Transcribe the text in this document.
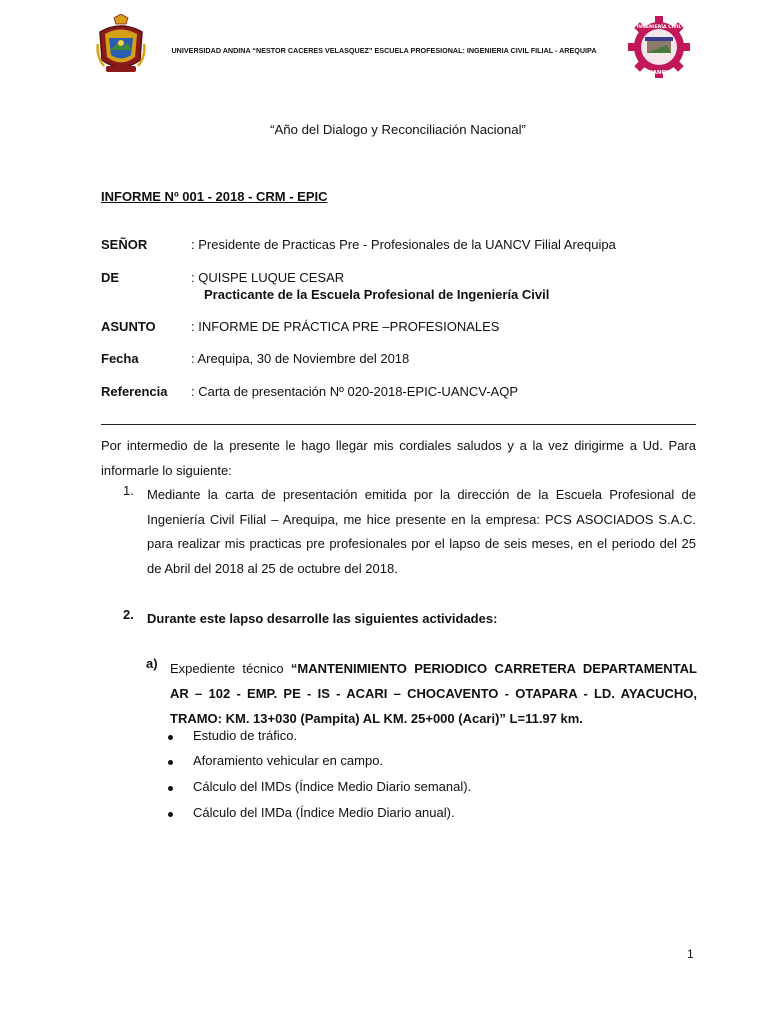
UNIVERSIDAD ANDINA “NESTOR CACERES VELASQUEZ” ESCUELA PROFESIONAL: INGENIERIA CIVIL FILIAL - AREQUIPA
INGENIERÍA CIVIL
UANCV
“Año del Dialogo y Reconciliación Nacional”
INFORME Nº 001 - 2018 - CRM - EPIC
SEÑOR	: Presidente de Practicas Pre - Profesionales de la UANCV Filial Arequipa
DE	: QUISPE LUQUE CESAR
Practicante de la Escuela Profesional de Ingeniería Civil
ASUNTO	: INFORME DE PRÁCTICA PRE –PROFESIONALES
Fecha	: Arequipa, 30 de Noviembre del 2018
Referencia : Carta de presentación Nº 020-2018-EPIC-UANCV-AQP
Por intermedio de la presente le hago llegar mis cordiales saludos y a la vez dirigirme a Ud. Para informarle lo siguiente:
1. Mediante la carta de presentación emitida por la dirección de la Escuela Profesional de Ingeniería Civil Filial – Arequipa, me hice presente en la empresa: PCS ASOCIADOS S.A.C. para realizar mis practicas pre profesionales por el lapso de seis meses, en el periodo del 25 de Abril del 2018 al 25 de octubre del 2018.
2. Durante este lapso desarrolle las siguientes actividades:
a) Expediente técnico “MANTENIMIENTO PERIODICO CARRETERA DEPARTAMENTAL AR – 102 - EMP. PE - IS - ACARI – CHOCAVENTO - OTAPARA - LD. AYACUCHO, TRAMO: KM. 13+030 (Pampita) AL KM. 25+000 (Acari)” L=11.97 km.
Estudio de tráfico.
Aforamiento vehicular en campo.
Cálculo del IMDs (Índice Medio Diario semanal).
Cálculo del IMDa (Índice Medio Diario anual).
1
